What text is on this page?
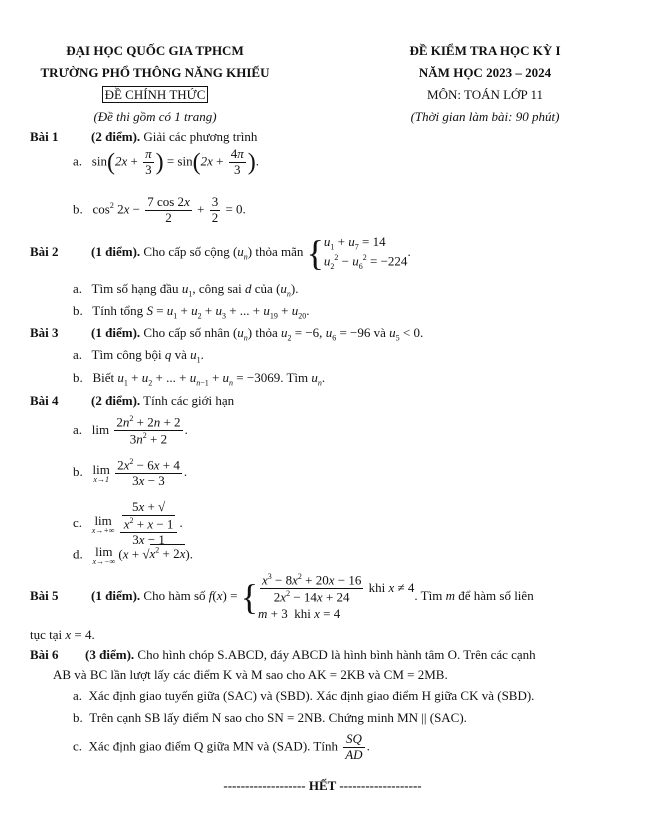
ĐẠI HỌC QUỐC GIA TPHCM
TRƯỜNG PHỔ THÔNG NĂNG KHIẾU
ĐỀ CHÍNH THỨC
(Đề thi gồm có 1 trang)
ĐỀ KIỂM TRA HỌC KỲ I
NĂM HỌC 2023 – 2024
MÔN: TOÁN LỚP 11
(Thời gian làm bài: 90 phút)
Bài 1	(2 điểm). Giải các phương trình
a.   $\sin(2x + \frac{\pi}{3}$ ) = $\sin(2x + \frac{4\pi}{3}$ ).
b.   $\cos^2 2x - \frac{7 \cos 2x}{2} + \frac{3}{2} = 0$.
Bài 2	(1 điểm). Cho cấp số cộng $(u_n)$ thỏa mãn {$u_1 + u_7 = 14$
$u_2^2 - u_6^2 = -224$.
a. Tìm số hạng đầu $u_1$, công sai d của $(u_n)$.
b. Tính tổng $S = u_1 + u_2 + u_3$ + ... + $u_{19} + u_{20}$.
Bài 3	(1 điểm). Cho cấp số nhân $(u_n)$ thỏa $u_2 = -6$, $u_6 = -96$ và $u_5 < 0$.
a. Tìm công bội q và $u_1$.
b. Biết $u_1 + u_2$ + ... + $u_{n-1} + u_n = -3069$. Tìm $u_n$.
Bài 4	(2 điểm). Tính các giới hạn
a.   $\lim \frac{2n^2 + 2n + 2}{3n^2 + 2}$ .
b. lim
x→1
$\frac{2x^2 - 6x + 4}{3x - 3}$ .
c. lim
x→+∞
5x + √
$x^2 + x - 1$
3x − 1 .
d. lim
x→−∞
$(x + √x^2 + 2x)$.
Bài 5	(1 điểm). Cho hàm số f(x) = { $\frac{x^3 - 8x^2 + 20x - 16}{2x^2 - 14x + 24}$ khi x ≠ 4
m + 3  khi x = 4. Tìm m để hàm số liên
tục tại x = 4.
Bài 6 (3 điểm). Cho hình chóp S.ABCD, đáy ABCD là hình bình hành tâm O. Trên các cạnh
AB và BC lần lượt lấy các điểm K và M sao cho AK = 2KB và CM = 2MB.
a. Xác định giao tuyến giữa (SAC) và (SBD). Xác định giao điểm H giữa CK và (SBD).
b. Trên cạnh SB lấy điểm N sao cho SN = 2NB. Chứng minh MN || (SAC).
c. Xác định giao điểm Q giữa MN và (SAD). Tính $\frac{SQ}{AD}$ .
------------------- HẾT -------------------
